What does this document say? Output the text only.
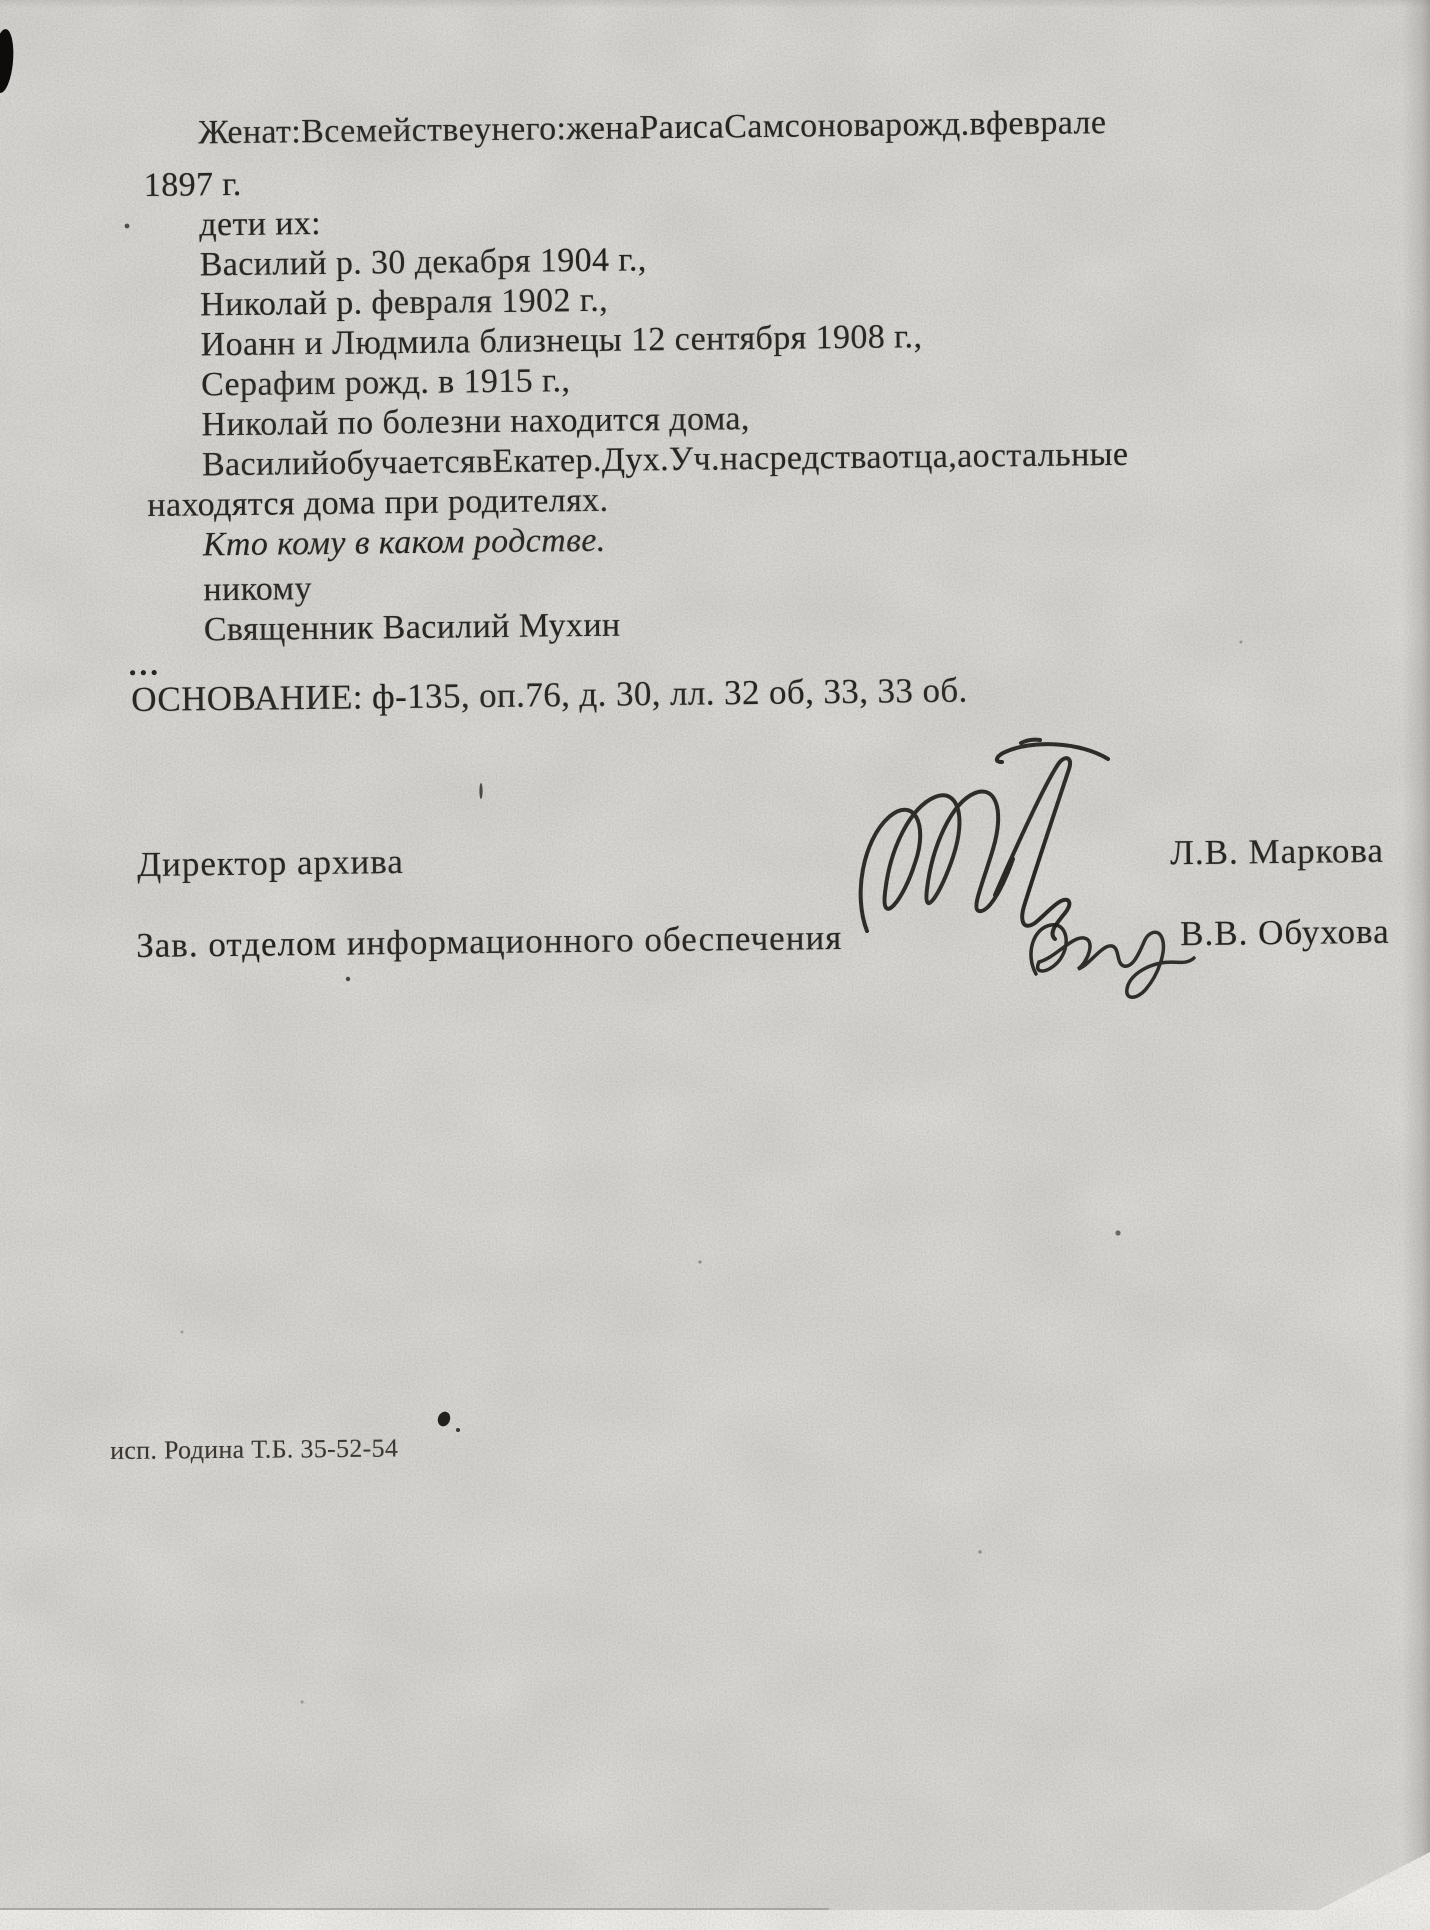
Женат: В семействе у него: жена Раиса Самсонова рожд. в феврале
1897 г.
дети их:
Василий р. 30 декабря 1904 г.,
Николай р. февраля 1902 г.,
Иоанн и Людмила близнецы 12 сентября 1908 г.,
Серафим рожд. в 1915 г.,
Николай по болезни находится дома,
Василий обучается в Екатер. Дух. Уч. на средства отца, а остальные
находятся дома при родителях.
Кто кому в каком родстве.
никому
Священник Василий Мухин
…
ОСНОВАНИЕ: ф-135, оп.76, д. 30, лл. 32 об, 33, 33 об.
Директор архива	Л.В. Маркова
Зав. отделом информационного обеспечения	В.В. Обухова
исп. Родина Т.Б. 35-52-54
